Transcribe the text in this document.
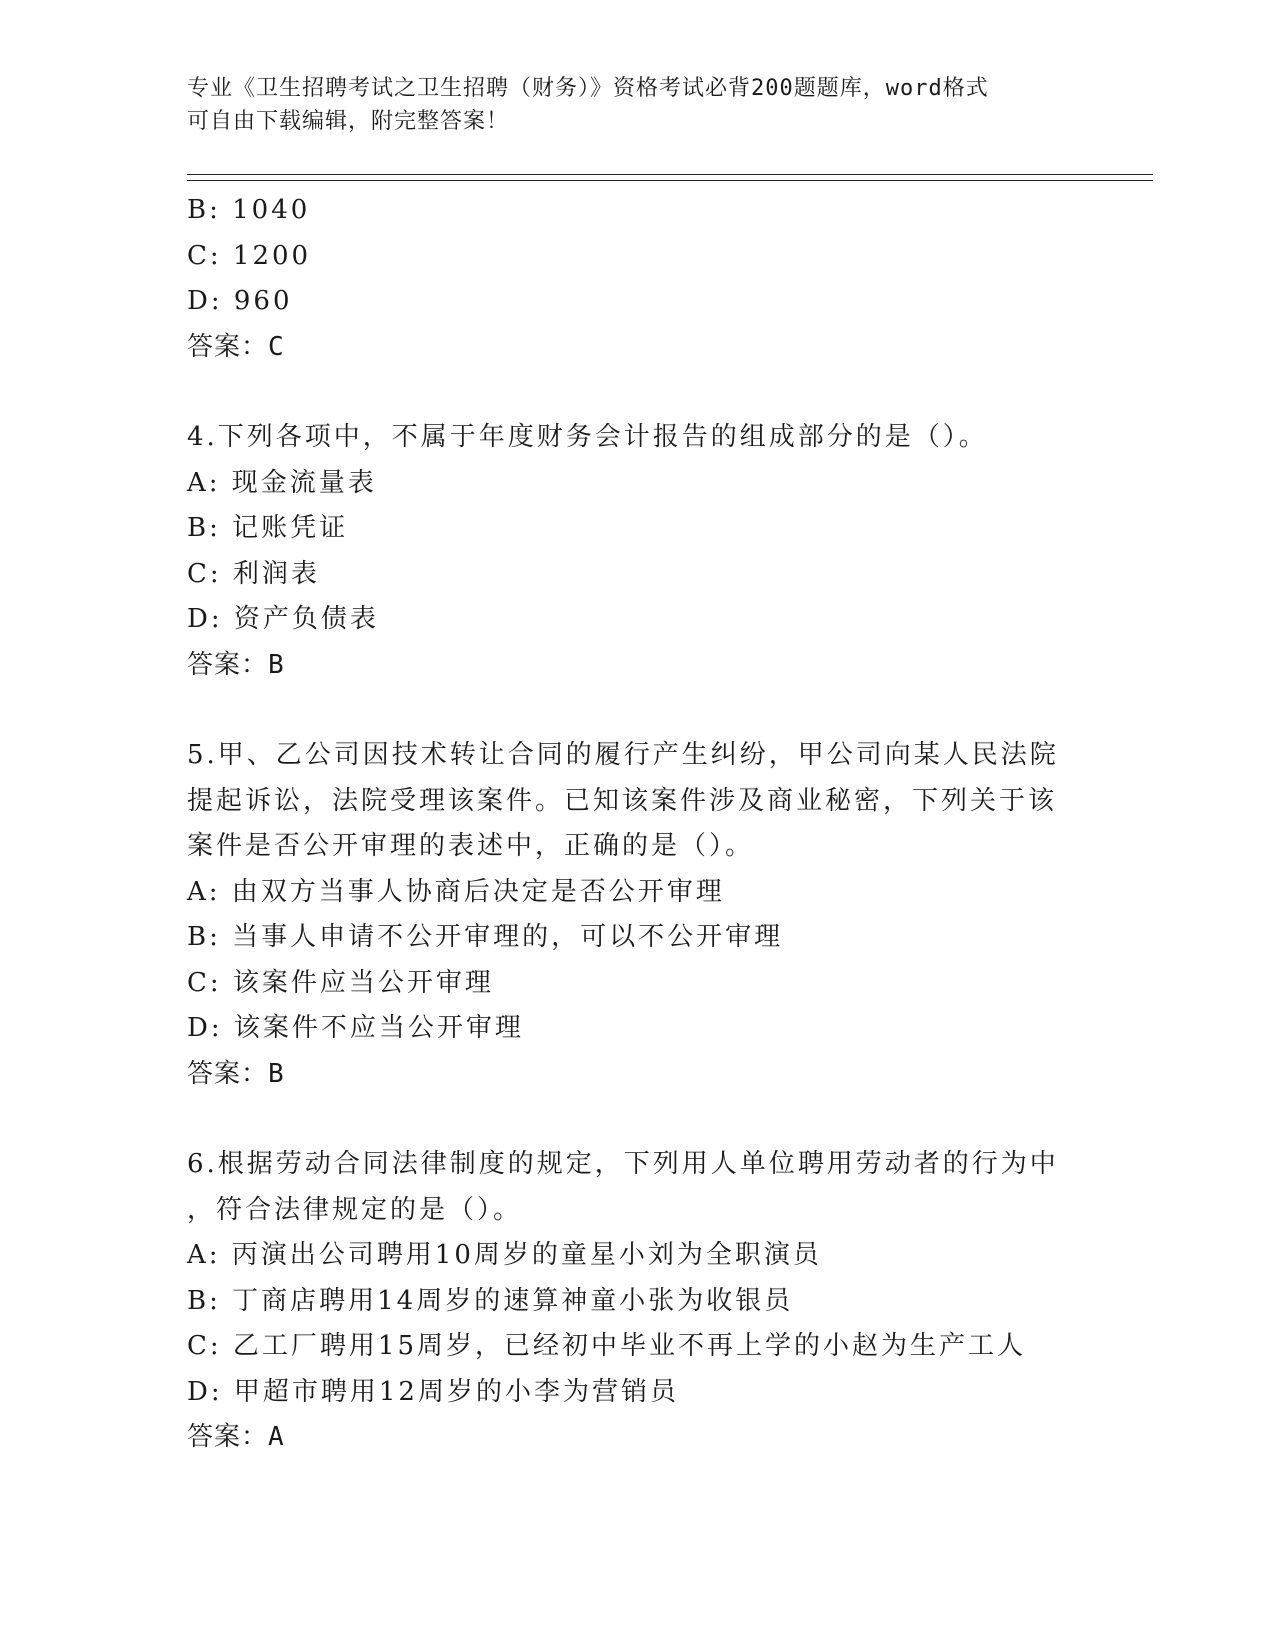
专业《卫生招聘考试之卫生招聘（财务）》资格考试必背200题题库，word格式
可自由下载编辑，附完整答案！
B: 1040
C: 1200
D: 960
答案：C
4.下列各项中，不属于年度财务会计报告的组成部分的是（）。
A: 现金流量表
B: 记账凭证
C: 利润表
D: 资产负债表
答案：B
5.甲、乙公司因技术转让合同的履行产生纠纷，甲公司向某人民法院
提起诉讼，法院受理该案件。已知该案件涉及商业秘密，下列关于该
案件是否公开审理的表述中，正确的是（）。
A: 由双方当事人协商后决定是否公开审理
B: 当事人申请不公开审理的，可以不公开审理
C: 该案件应当公开审理
D: 该案件不应当公开审理
答案：B
6.根据劳动合同法律制度的规定，下列用人单位聘用劳动者的行为中
，符合法律规定的是（）。
A: 丙演出公司聘用10周岁的童星小刘为全职演员
B: 丁商店聘用14周岁的速算神童小张为收银员
C: 乙工厂聘用15周岁，已经初中毕业不再上学的小赵为生产工人
D: 甲超市聘用12周岁的小李为营销员
答案：A
